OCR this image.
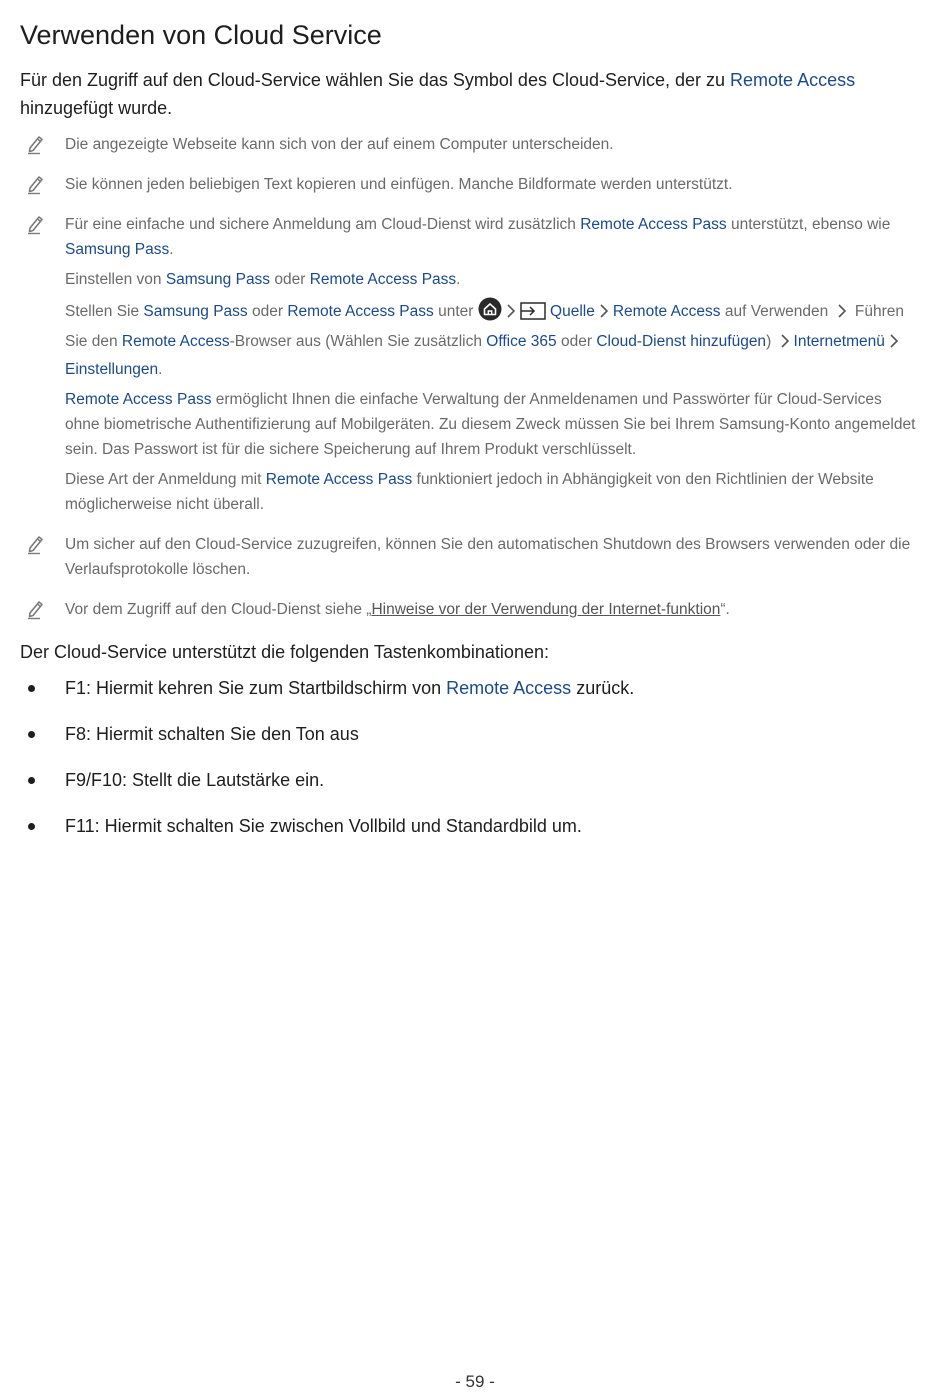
Verwenden von Cloud Service

Für den Zugriff auf den Cloud-Service wählen Sie das Symbol des Cloud-Service, der zu Remote Access hinzugefügt wurde.

Die angezeigte Webseite kann sich von der auf einem Computer unterscheiden.

Sie können jeden beliebigen Text kopieren und einfügen. Manche Bildformate werden unterstützt.

Für eine einfache und sichere Anmeldung am Cloud-Dienst wird zusätzlich Remote Access Pass unterstützt, ebenso wie Samsung Pass.

Einstellen von Samsung Pass oder Remote Access Pass.

Stellen Sie Samsung Pass oder Remote Access Pass unter	Quelle Remote Access auf Verwenden  Führen Sie den Remote Access-Browser aus (Wählen Sie zusätzlich Office 365 oder Cloud-Dienst hinzufügen) InternetmenüEinstellungen.

Remote Access Pass ermöglicht Ihnen die einfache Verwaltung der Anmeldenamen und Passwörter für Cloud-Services ohne biometrische Authentifizierung auf Mobilgeräten. Zu diesem Zweck müssen Sie bei Ihrem Samsung-Konto angemeldet sein. Das Passwort ist für die sichere Speicherung auf Ihrem Produkt verschlüsselt.

Diese Art der Anmeldung mit Remote Access Pass funktioniert jedoch in Abhängigkeit von den Richtlinien der Website möglicherweise nicht überall.

Um sicher auf den Cloud-Service zuzugreifen, können Sie den automatischen Shutdown des Browsers verwenden oder die Verlaufsprotokolle löschen.

Vor dem Zugriff auf den Cloud-Dienst siehe „Hinweise vor der Verwendung der Internet-funktion“.

Der Cloud-Service unterstützt die folgenden Tastenkombinationen:

F1: Hiermit kehren Sie zum Startbildschirm von Remote Access zurück.
F8: Hiermit schalten Sie den Ton aus
F9/F10: Stellt die Lautstärke ein.
F11: Hiermit schalten Sie zwischen Vollbild und Standardbild um.
- 59 -
